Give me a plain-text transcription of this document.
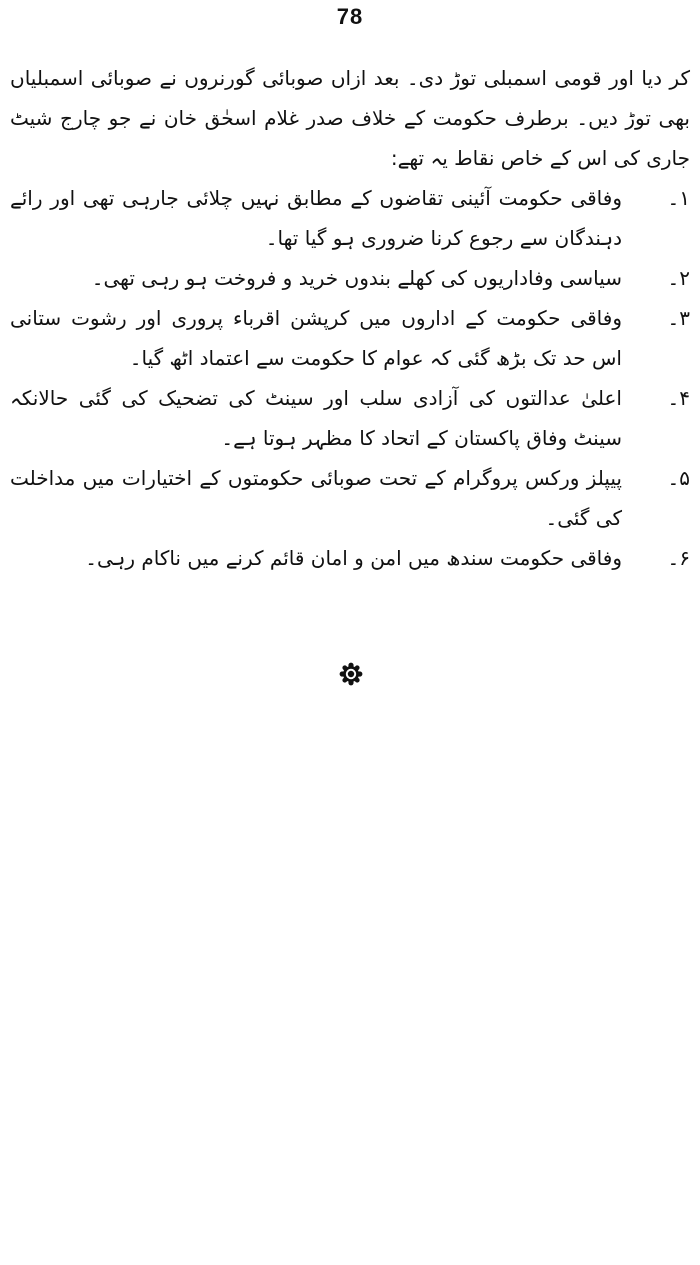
78

کر دیا اور قومی اسمبلی توڑ دی۔ بعد ازاں صوبائی گورنروں نے صوبائی اسمبلیاں بھی توڑ دیں۔ برطرف حکومت کے خلاف صدر غلام اسحٰق خان نے جو چارج شیٹ جاری کی اس کے خاص نقاط یہ تھے:

۱۔
وفاقی حکومت آئینی تقاضوں کے مطابق نہیں چلائی جارہی تھی اور رائے دہندگان سے رجوع کرنا ضروری ہو گیا تھا۔
۲۔
سیاسی وفاداریوں کی کھلے بندوں خرید و فروخت ہو رہی تھی۔
۳۔
وفاقی حکومت کے اداروں میں کرپشن اقرباء پروری اور رشوت ستانی اس حد تک بڑھ گئی کہ عوام کا حکومت سے اعتماد اٹھ گیا۔
۴۔
اعلیٰ عدالتوں کی آزادی سلب اور سینٹ کی تضحیک کی گئی حالانکہ سینٹ وفاق پاکستان کے اتحاد کا مظہر ہوتا ہے۔
۵۔
پیپلز ورکس پروگرام کے تحت صوبائی حکومتوں کے اختیارات میں مداخلت کی گئی۔
۶۔
وفاقی حکومت سندھ میں امن و امان قائم کرنے میں ناکام رہی۔
